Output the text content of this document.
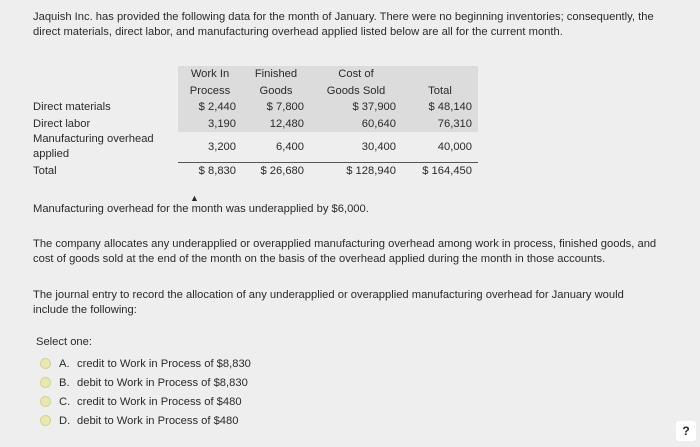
Jaquish Inc. has provided the following data for the month of January. There were no beginning inventories; consequently, the direct materials, direct labor, and manufacturing overhead applied listed below are all for the current month.
	Work In	Finished	Cost of	
	Process	Goods	Goods Sold	Total
Direct materials	$ 2,440	$ 7,800	$ 37,900	$ 48,140
Direct labor	3,190	12,480	60,640	76,310
Manufacturing overhead applied	3,200	6,400	30,400	40,000
Total	$ 8,830	$ 26,680	$ 128,940	$ 164,450
▲
Manufacturing overhead for the month was underapplied by $6,000.
The company allocates any underapplied or overapplied manufacturing overhead among work in process, finished goods, and cost of goods sold at the end of the month on the basis of the overhead applied during the month in those accounts.
The journal entry to record the allocation of any underapplied or overapplied manufacturing overhead for January would include the following:
Select one:
A. credit to Work in Process of $8,830
B. debit to Work in Process of $8,830
C. credit to Work in Process of $480
D. debit to Work in Process of $480
?
